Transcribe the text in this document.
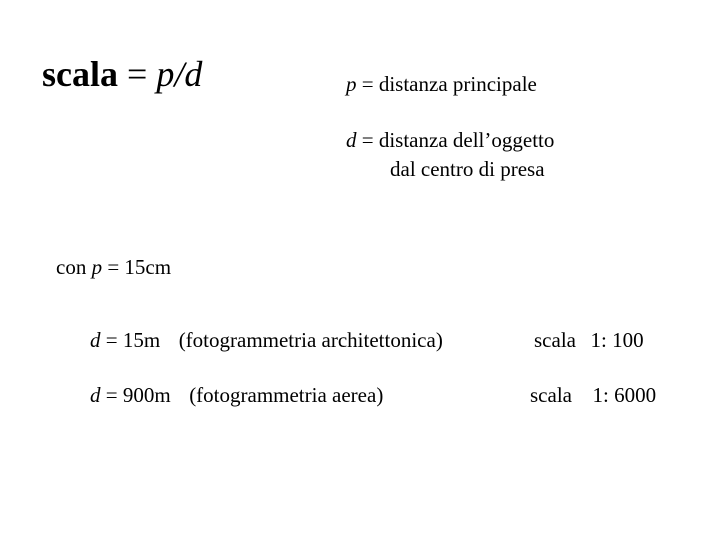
scala = p/d	p = distanza principale
d = distanza dell’oggetto
dal centro di presa
con p = 15cm
d = 15m (fotogrammetria architettonica)	scala 1: 100
d = 900m (fotogrammetria aerea)	scala 1: 6000
